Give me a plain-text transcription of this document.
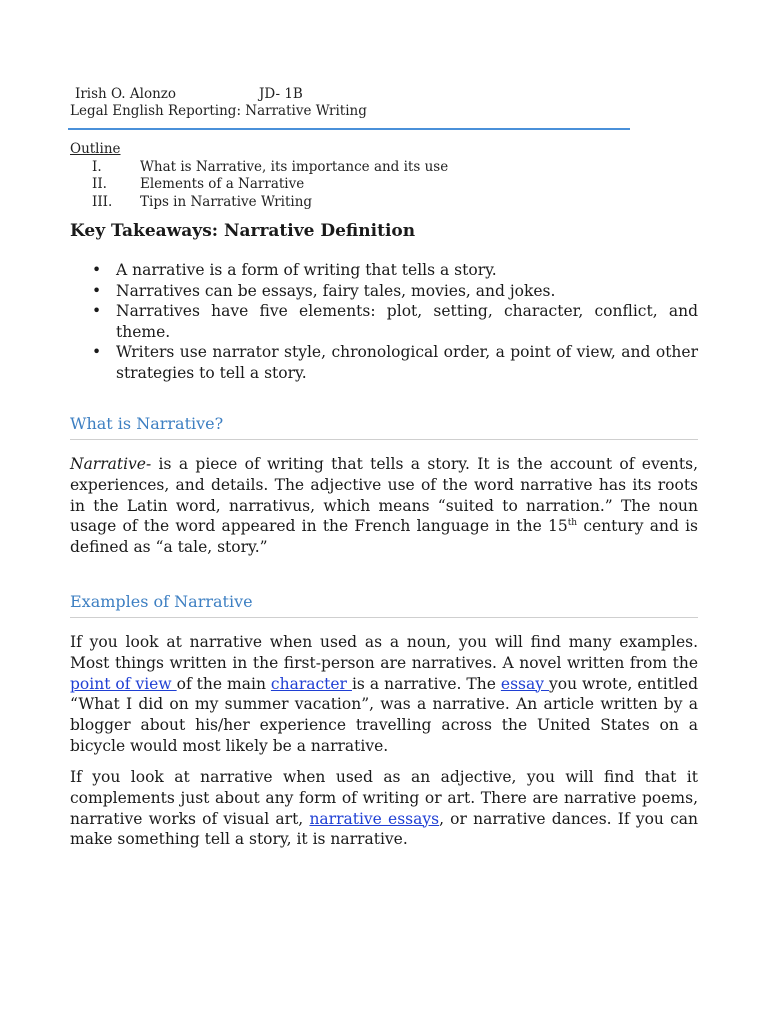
Irish O. Alonzo	JD- 1B
Legal English Reporting: Narrative Writing
Outline
I.	What is Narrative, its importance and its use
II.	Elements of a Narrative
III.	Tips in Narrative Writing
Key Takeaways: Narrative Definition
• A narrative is a form of writing that tells a story.
• Narratives can be essays, fairy tales, movies, and jokes.
• Narratives have five elements: plot, setting, character, conflict, and theme.
• Writers use narrator style, chronological order, a point of view, and other strategies to tell a story.
What is Narrative?

Narrative- is a piece of writing that tells a story. It is the account of events, experiences, and details. The adjective use of the word narrative has its roots in the Latin word, narrativus, which means “suited to narration.” The noun usage of the word appeared in the French language in the 15th century and is defined as “a tale, story.”

Examples of Narrative

If you look at narrative when used as a noun, you will find many examples. Most things written in the first-person are narratives. A novel written from the point of view of the main character is a narrative. The essay you wrote, entitled “What I did on my summer vacation”, was a narrative. An article written by a blogger about his/her experience travelling across the United States on a bicycle would most likely be a narrative.

If you look at narrative when used as an adjective, you will find that it complements just about any form of writing or art. There are narrative poems, narrative works of visual art, narrative essays, or narrative dances. If you can make something tell a story, it is narrative.
